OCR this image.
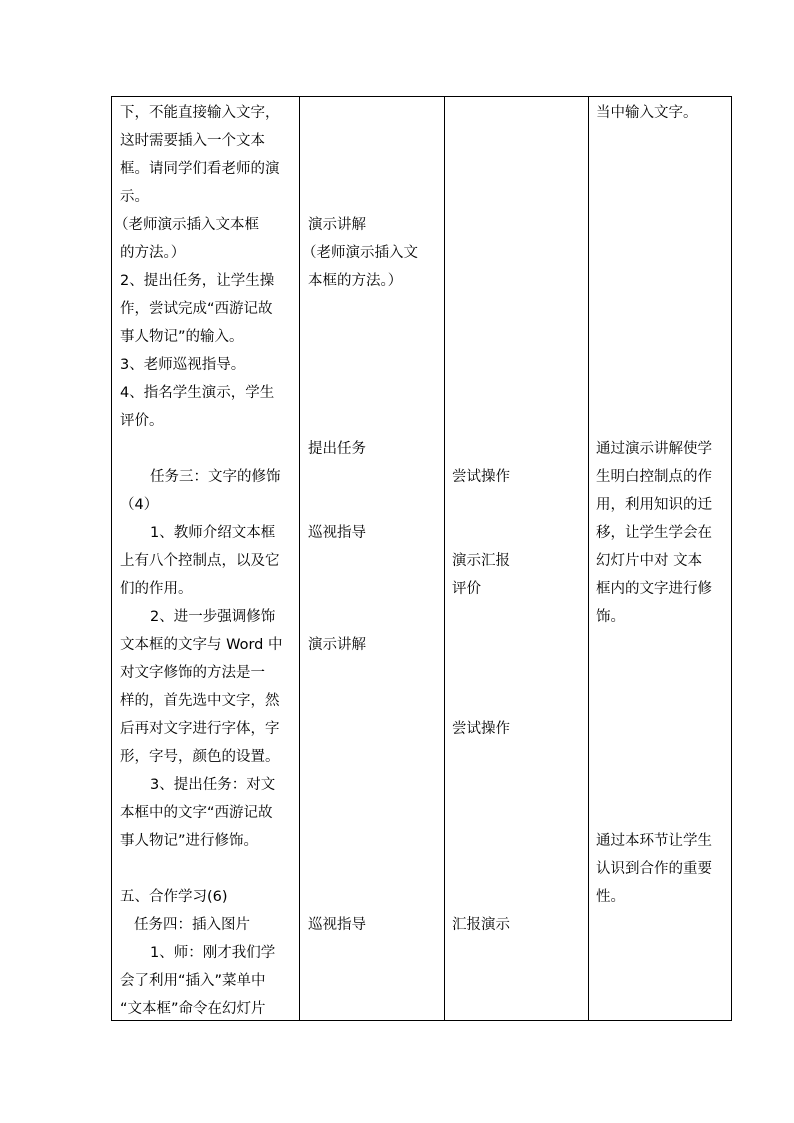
下，不能直接输入文字，
这时需要插入一个文本
框。请同学们看老师的演
示。
（老师演示插入文本框
的方法。）
2、提出任务，让学生操
作，尝试完成“西游记故
事人物记”的输入。
3、老师巡视指导。
4、指名学生演示，学生
评价。
任务三：文字的修饰
（4）
1、教师介绍文本框
上有八个控制点，以及它
们的作用。
2、进一步强调修饰
文本框的文字与 Word 中
对文字修饰的方法是一
样的，首先选中文字，然
后再对文字进行字体，字
形，字号，颜色的设置。
3、提出任务：对文
本框中的文字“西游记故
事人物记”进行修饰。
五、合作学习(6)
任务四：插入图片
1、师：刚才我们学
会了利用“插入”菜单中
“文本框”命令在幻灯片
演示讲解
（老师演示插入文
本框的方法。）
提出任务
巡视指导
演示讲解
巡视指导
尝试操作
演示汇报
评价
尝试操作
汇报演示
当中输入文字。
通过演示讲解使学
生明白控制点的作
用，利用知识的迁
移，让学生学会在
幻灯片中对 文本
框内的文字进行修
饰。
通过本环节让学生
认识到合作的重要
性。
